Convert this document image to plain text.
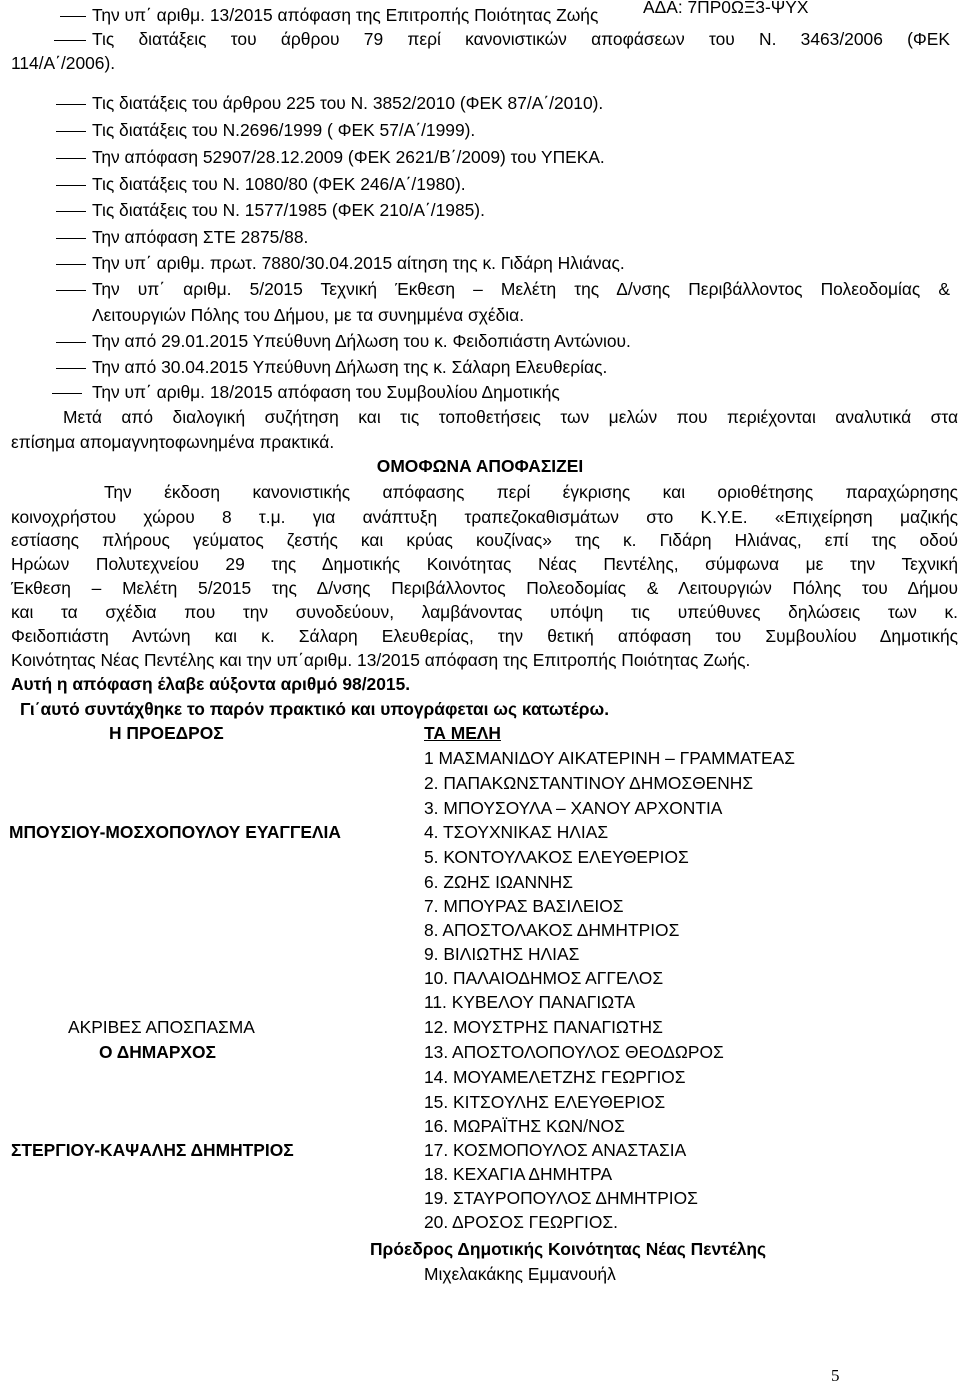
ΑΔΑ: 7ΠΡ0ΩΞ3-ΨΥΧ
Την υπ΄ αριθμ. 13/2015 απόφαση της Επιτροπής Ποιότητας Ζωής
Τις διατάξεις του άρθρου 79 περί κανονιστικών αποφάσεων του Ν. 3463/2006 (ΦΕΚ
114/Α΄/2006).
Τις διατάξεις του άρθρου 225 του Ν. 3852/2010 (ΦΕΚ 87/Α΄/2010).
Τις διατάξεις του Ν.2696/1999 ( ΦΕΚ 57/Α΄/1999).
Την απόφαση 52907/28.12.2009 (ΦΕΚ 2621/Β΄/2009) του ΥΠΕΚΑ.
Τις διατάξεις του Ν. 1080/80 (ΦΕΚ 246/Α΄/1980).
Τις διατάξεις του Ν. 1577/1985 (ΦΕΚ 210/Α΄/1985).
Την απόφαση ΣΤΕ 2875/88.
Την υπ΄ αριθμ. πρωτ. 7880/30.04.2015 αίτηση της κ. Γιδάρη Ηλιάνας.
Την υπ΄ αριθμ. 5/2015 Τεχνική Έκθεση – Μελέτη της Δ/νσης Περιβάλλοντος Πολεοδομίας &
Λειτουργιών Πόλης του Δήμου, με τα συνημμένα σχέδια.
Την από 29.01.2015 Υπεύθυνη Δήλωση του κ. Φειδοπιάστη Αντώνιου.
Την από 30.04.2015 Υπεύθυνη Δήλωση της κ. Σάλαρη Ελευθερίας.
Την υπ΄ αριθμ. 18/2015 απόφαση του Συμβουλίου Δημοτικής
Μετά από διαλογική συζήτηση και τις τοποθετήσεις των μελών που περιέχονται αναλυτικά στα
επίσημα απομαγνητοφωνημένα πρακτικά.
ΟΜΟΦΩΝΑ ΑΠΟΦΑΣΙΖΕΙ
Την έκδοση κανονιστικής απόφασης περί έγκρισης και οριοθέτησης παραχώρησης
κοινοχρήστου χώρου 8 τ.μ. για ανάπτυξη τραπεζοκαθισμάτων στο Κ.Υ.Ε. «Επιχείρηση μαζικής
εστίασης πλήρους γεύματος ζεστής και κρύας κουζίνας» της κ. Γιδάρη Ηλιάνας, επί της οδού
Ηρώων Πολυτεχνείου 29 της Δημοτικής Κοινότητας Νέας Πεντέλης, σύμφωνα με την Τεχνική
Έκθεση – Μελέτη 5/2015 της Δ/νσης Περιβάλλοντος Πολεοδομίας & Λειτουργιών Πόλης του Δήμου
και τα σχέδια που την συνοδεύουν, λαμβάνοντας υπόψη τις υπεύθυνες δηλώσεις των κ.
Φειδοπιάστη Αντώνη και κ. Σάλαρη Ελευθερίας, την θετική απόφαση του Συμβουλίου Δημοτικής
Κοινότητας Νέας Πεντέλης και την υπ΄αριθμ. 13/2015 απόφαση της Επιτροπής Ποιότητας Ζωής.
Αυτή η απόφαση έλαβε αύξοντα αριθμό 98/2015.
Γι΄αυτό συντάχθηκε το παρόν πρακτικό και υπογράφεται ως κατωτέρω.
Η ΠΡΟΕΔΡΟΣ	ΤΑ ΜΕΛΗ
1 ΜΑΣΜΑΝΙΔΟΥ ΑΙΚΑΤΕΡΙΝΗ – ΓΡΑΜΜΑΤΕΑΣ
2. ΠΑΠΑΚΩΝΣΤΑΝΤΙΝΟΥ ΔΗΜΟΣΘΕΝΗΣ
3. ΜΠΟΥΣΟΥΛΑ – ΧΑΝΟΥ ΑΡΧΟΝΤΙΑ
4. ΤΣΟΥΧΝΙΚΑΣ ΗΛΙΑΣ
5. ΚΟΝΤΟΥΛΑΚΟΣ ΕΛΕΥΘΕΡΙΟΣ
6. ΖΩΗΣ ΙΩΑΝΝΗΣ
7. ΜΠΟΥΡΑΣ ΒΑΣΙΛΕΙΟΣ
8. ΑΠΟΣΤΟΛΑΚΟΣ ΔΗΜΗΤΡΙΟΣ
9. ΒΙΛΙΩΤΗΣ ΗΛΙΑΣ
10. ΠΑΛΑΙΟΔΗΜΟΣ ΑΓΓΕΛΟΣ
11. ΚΥΒΕΛΟΥ ΠΑΝΑΓΙΩΤΑ
12. ΜΟΥΣΤΡΗΣ ΠΑΝΑΓΙΩΤΗΣ
13. ΑΠΟΣΤΟΛΟΠΟΥΛΟΣ ΘΕΟΔΩΡΟΣ
14. ΜΟΥΑΜΕΛΕΤΖΗΣ ΓΕΩΡΓΙΟΣ
15. ΚΙΤΣΟΥΛΗΣ ΕΛΕΥΘΕΡΙΟΣ
16. ΜΩΡΑΪΤΗΣ ΚΩΝ/ΝΟΣ
17. ΚΟΣΜΟΠΟΥΛΟΣ ΑΝΑΣΤΑΣΙΑ
18. ΚΕΧΑΓΙΑ ΔΗΜΗΤΡΑ
19. ΣΤΑΥΡΟΠΟΥΛΟΣ ΔΗΜΗΤΡΙΟΣ
20. ΔΡΟΣΟΣ ΓΕΩΡΓΙΟΣ.
ΜΠΟΥΣΙΟΥ-ΜΟΣΧΟΠΟΥΛΟΥ ΕΥΑΓΓΕΛΙΑ
ΑΚΡΙΒΕΣ ΑΠΟΣΠΑΣΜΑ
Ο ΔΗΜΑΡΧΟΣ
ΣΤΕΡΓΙΟΥ-ΚΑΨΑΛΗΣ ΔΗΜΗΤΡΙΟΣ
Πρόεδρος Δημοτικής Κοινότητας Νέας Πεντέλης
Μιχελακάκης Εμμανουήλ
5
